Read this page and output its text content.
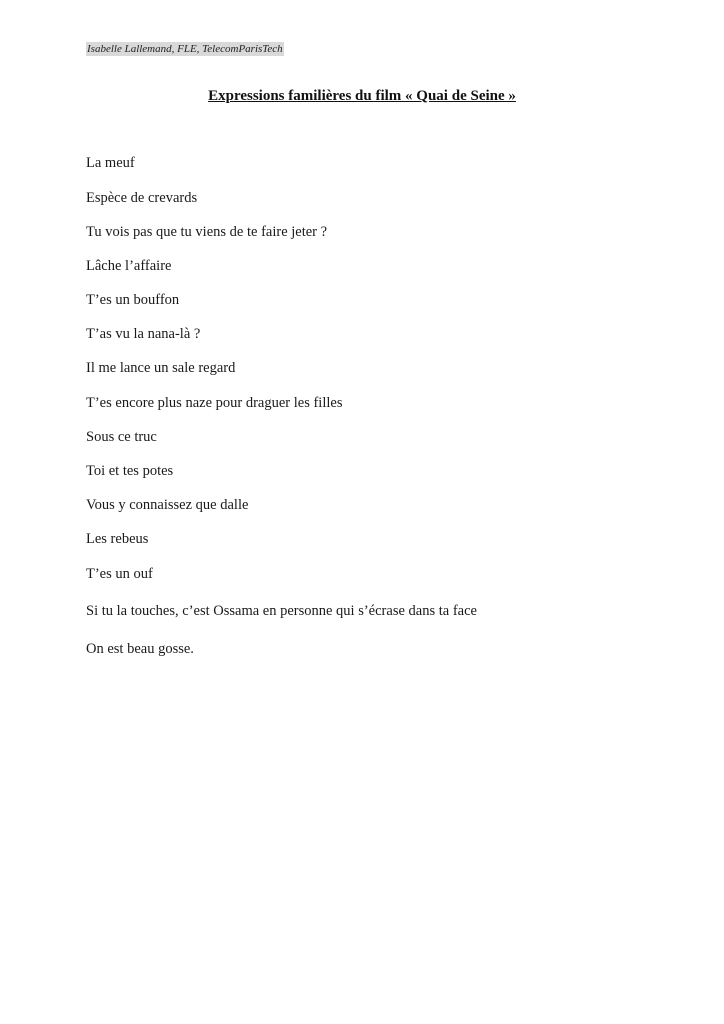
Isabelle Lallemand, FLE, TelecomParisTech
Expressions familières du film « Quai de Seine »
La meuf
Espèce de crevards
Tu vois pas que tu viens de te faire jeter ?
Lâche l’affaire
T’es un bouffon
T’as vu la nana-là ?
Il me lance un sale regard
T’es encore plus naze pour draguer les filles
Sous ce truc
Toi et tes potes
Vous y connaissez que dalle
Les rebeus
T’es un ouf
Si tu la touches, c’est Ossama en personne qui s’écrase dans ta face
On est beau gosse.
